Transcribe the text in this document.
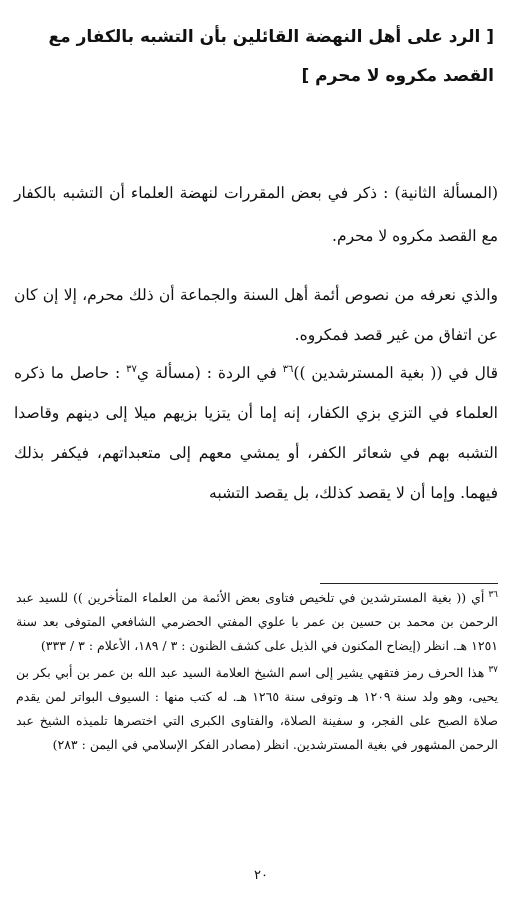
[ الرد على أهل النهضة القائلين بأن التشبه بالكفار مع القصد مكروه لا محرم ]
(المسألة الثانية) : ذكر في بعض المقررات لنهضة العلماء أن التشبه بالكفار مع القصد مكروه لا محرم.
والذي نعرفه من نصوص أئمة أهل السنة والجماعة أن ذلك محرم، إلا إن كان عن اتفاق من غير قصد فمكروه.
قال في (( بغية المسترشدين ))$^{٣٦}$ في الردة : (مسألة ي$^{٣٧}$ : حاصل ما ذكره العلماء في التزي بزي الكفار، إنه إما أن يتزيا بزيهم ميلا إلى دينهم وقاصدا التشبه بهم في شعائر الكفر، أو يمشي معهم إلى متعبداتهم، فيكفر بذلك فيهما. وإما أن لا يقصد كذلك، بل يقصد التشبه

$^{٣٦}$أي (( بغية المسترشدين في تلخيص فتاوى بعض الأئمة من العلماء المتأخرين )) للسيد عبد الرحمن بن محمد بن حسين بن عمر با علوي المفتي الحضرمي الشافعي المتوفى بعد سنة ١٢٥١ هـ. انظر (إيضاح المكنون في الذيل على كشف الظنون : ٣ / ١٨٩، الأعلام : ٣ / ٣٣٣)

$^{٣٧}$هذا الحرف رمز فتقهي يشير إلى اسم الشيخ العلامة السيد عبد الله بن عمر بن أبي بكر بن يحيى، وهو ولد سنة ١٢٠٩ هـ وتوفى سنة ١٢٦٥ هـ. له كتب منها : السيوف البواتر لمن يقدم صلاة الصبح على الفجر، و سفينة الصلاة، والفتاوى الكبرى التي اختصرها تلميذه الشيخ عبد الرحمن المشهور في بغية المسترشدين. انظر (مصادر الفكر الإسلامي في اليمن : ٢٨٣)

٢٠
